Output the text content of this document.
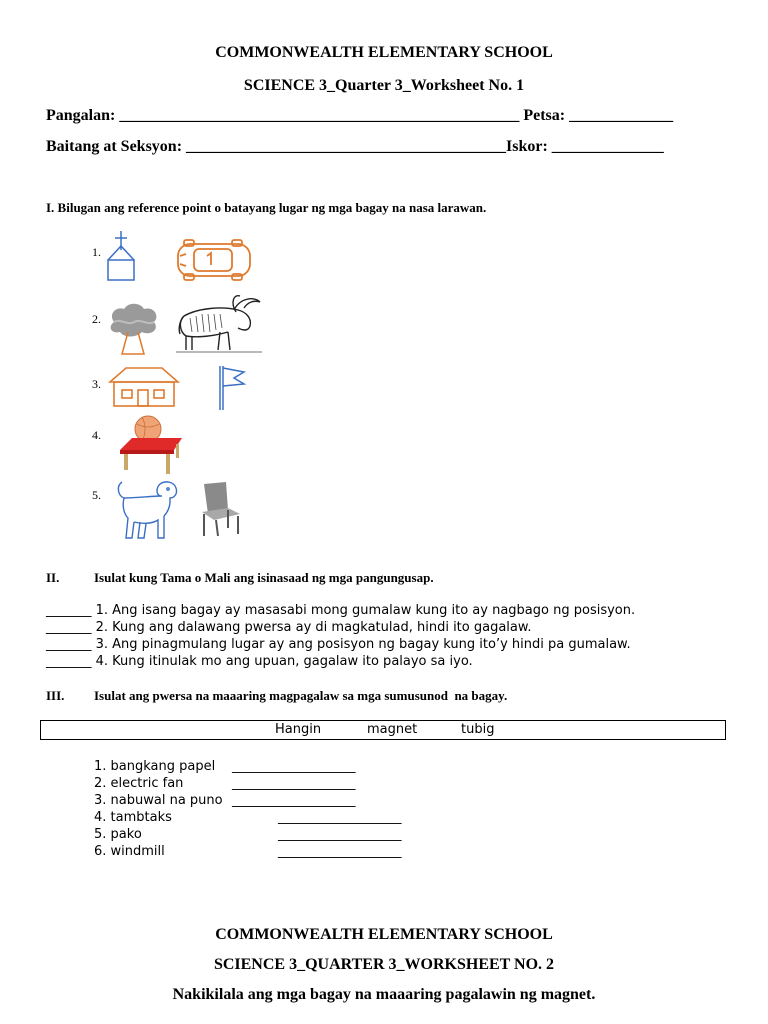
COMMONWEALTH ELEMENTARY SCHOOL
SCIENCE 3_Quarter 3_Worksheet No. 1
Pangalan: __________________________________________________ Petsa: _____________
Baitang at Seksyon: ________________________________________Iskor: ______________
I. Bilugan ang reference point o batayang lugar ng mga bagay na nasa larawan.
1.
2.
3.
4.
5.
II.	Isulat kung Tama o Mali ang isinasaad ng mga pangungusap.
_______ 1. Ang isang bagay ay masasabi mong gumalaw kung ito ay nagbago ng posisyon.
_______ 2. Kung ang dalawang pwersa ay di magkatulad, hindi ito gagalaw.
_______ 3. Ang pinagmulang lugar ay ang posisyon ng bagay kung ito’y hindi pa gumalaw.
_______ 4. Kung itinulak mo ang upuan, gagalaw ito palayo sa iyo.
III. Isulat ang pwersa na maaaring magpagalaw sa mga sumusunod  na bagay.
Hangin	magnet	tubig
1. bangkang papel ___________________
2. electric fan	___________________
3. nabuwal na puno ___________________
4. tambtaks	___________________
5. pako	___________________
6. windmill	___________________
COMMONWEALTH ELEMENTARY SCHOOL
SCIENCE 3_QUARTER 3_WORKSHEET NO. 2
Nakikilala ang mga bagay na maaaring pagalawin ng magnet.
